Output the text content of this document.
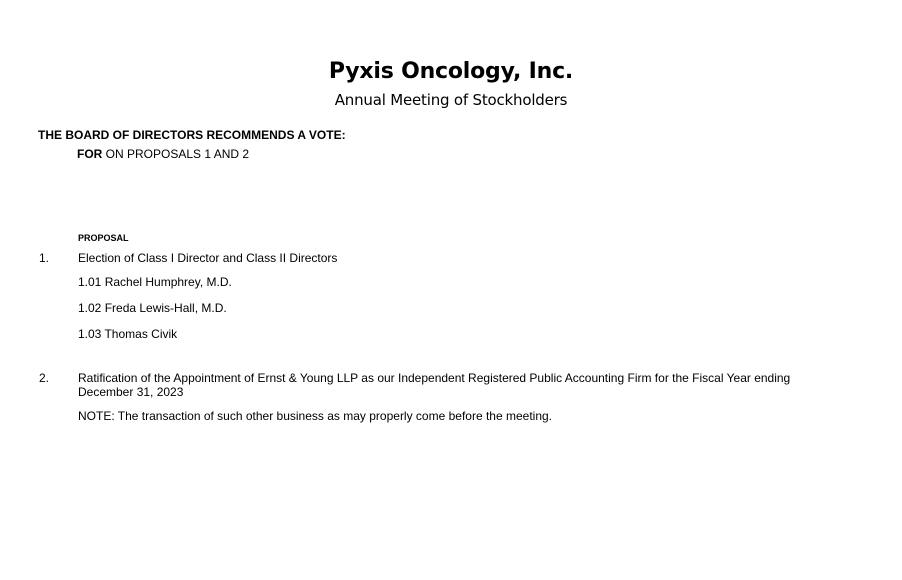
Pyxis Oncology, Inc.
Annual Meeting of Stockholders
THE BOARD OF DIRECTORS RECOMMENDS A VOTE:
FOR ON PROPOSALS 1 AND 2
PROPOSAL
1. Election of Class I Director and Class II Directors
1.01 Rachel Humphrey, M.D.
1.02 Freda Lewis-Hall, M.D.
1.03 Thomas Civik
2. Ratification of the Appointment of Ernst & Young LLP as our Independent Registered Public Accounting Firm for the Fiscal Year ending
December 31, 2023
NOTE: The transaction of such other business as may properly come before the meeting.
